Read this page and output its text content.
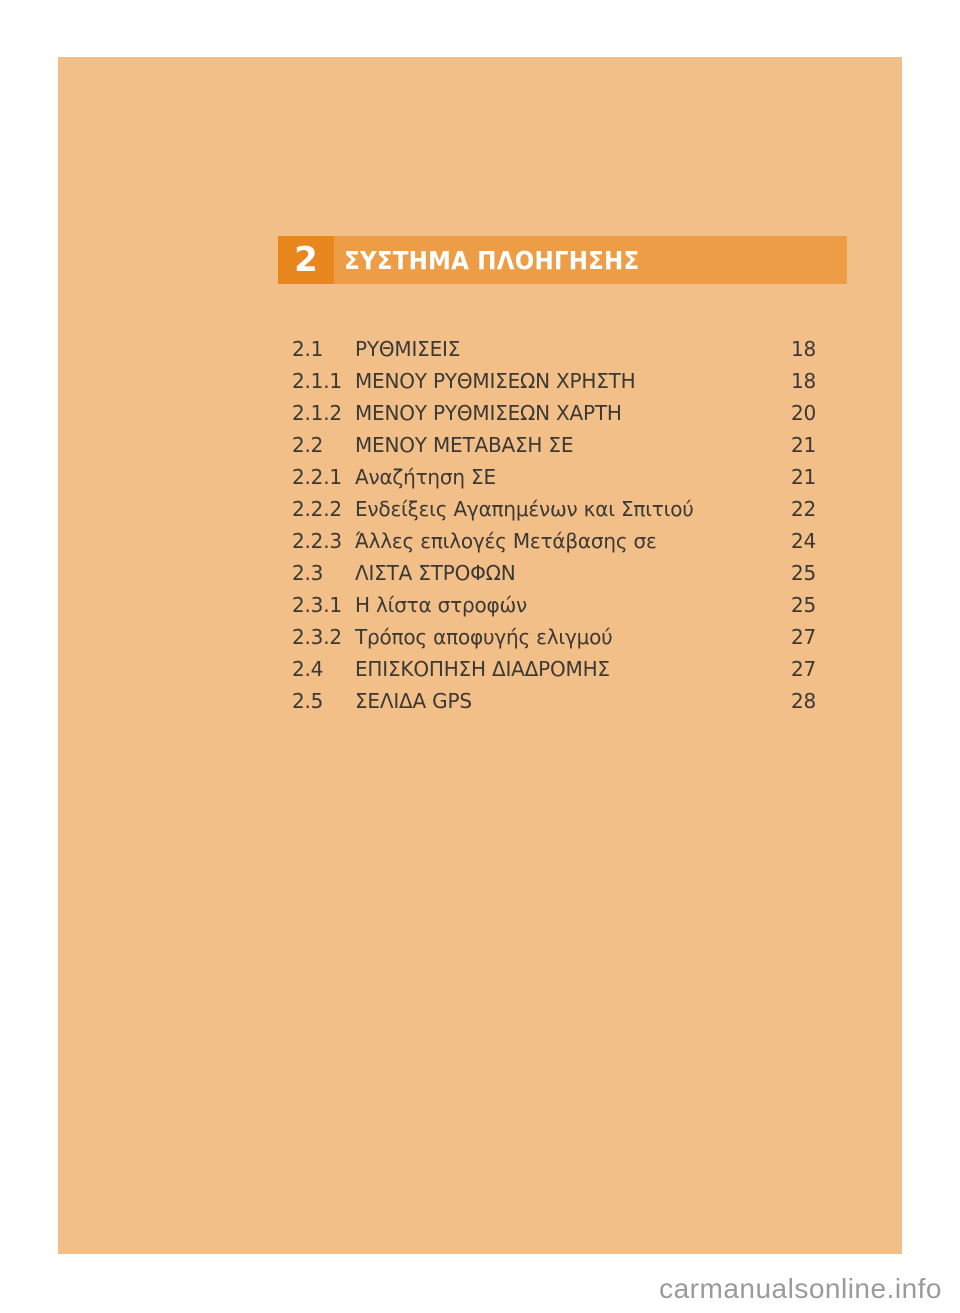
2	ΣΥΣΤΗΜΑ ΠΛΟΗΓΗΣΗΣ
2.1	ΡΥΘΜΙΣΕΙΣ	18
2.1.1 ΜΕΝΟΥ ΡΥΘΜΙΣΕΩΝ ΧΡΗΣΤΗ	18
2.1.2 ΜΕΝΟΥ ΡΥΘΜΙΣΕΩΝ ΧΑΡΤΗ	20
2.2	ΜΕΝΟΥ ΜΕΤΑΒΑΣΗ ΣΕ	21
2.2.1 Αναζήτηση ΣΕ	21
2.2.2 Ενδείξεις Αγαπημένων και Σπιτιού	22
2.2.3 Άλλες επιλογές Μετάβασης σε	24
2.3	ΛΙΣΤΑ ΣΤΡΟΦΩΝ	25
2.3.1 Η λίστα στροφών	25
2.3.2 Τρόπος αποφυγής ελιγμού	27
2.4	ΕΠΙΣΚΟΠΗΣΗ ΔΙΑΔΡΟΜΗΣ	27
2.5	ΣΕΛΙΔΑ GPS	28
carmanualsonline.info
